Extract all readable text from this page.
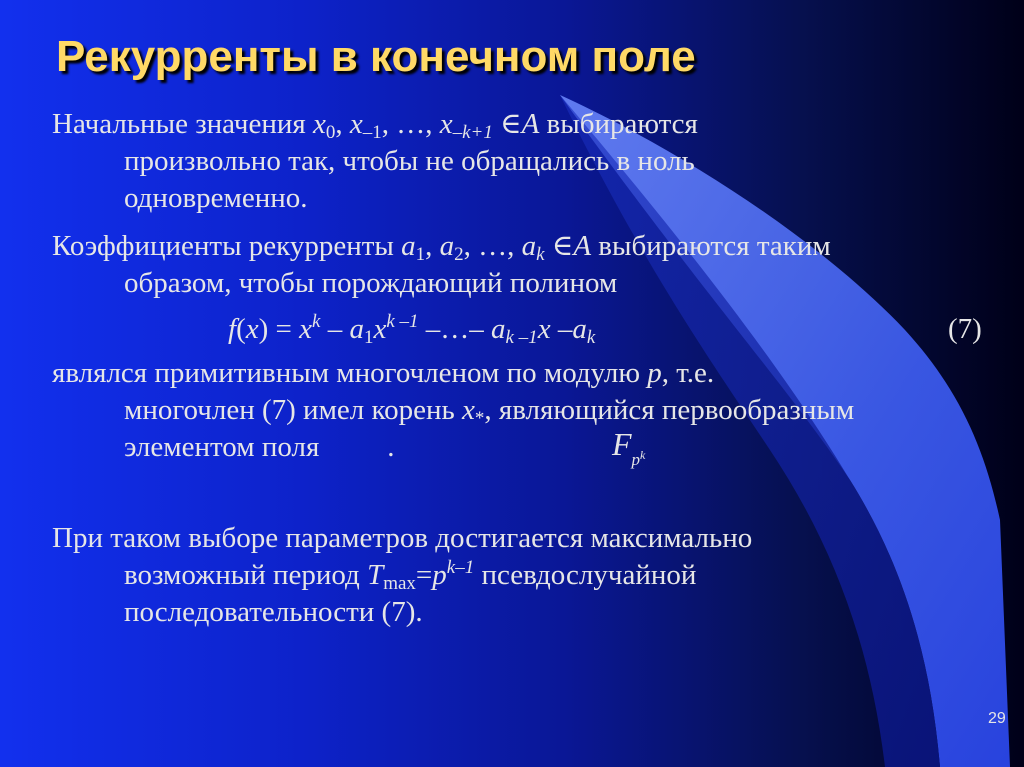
Рекурренты в конечном поле
Начальные значения $x_0$, $x_{-1}$, …, $x_{-k+1}$ ∈A выбираются
произвольно так, чтобы не обращались в ноль
одновременно.
Коэффициенты рекурренты $a_1$, $a_2$, …, $a_k$ ∈A выбираются таким
образом, чтобы порождающий полином
$f(x) = x^k - a_1x^{k -1}$ –…– $a_{k -1}x$ $-a_k$	(7)
являлся примитивным многочленом по модулю p, т.е.
многочлен (7) имел корень $x_*$, являющийся первообразным
элементом поля .	$F_{p^k}$
При таком выборе параметров достигается максимально
возможный период $T_{max}=p^{k-1}$ псевдослучайной
последовательности (7).
29
